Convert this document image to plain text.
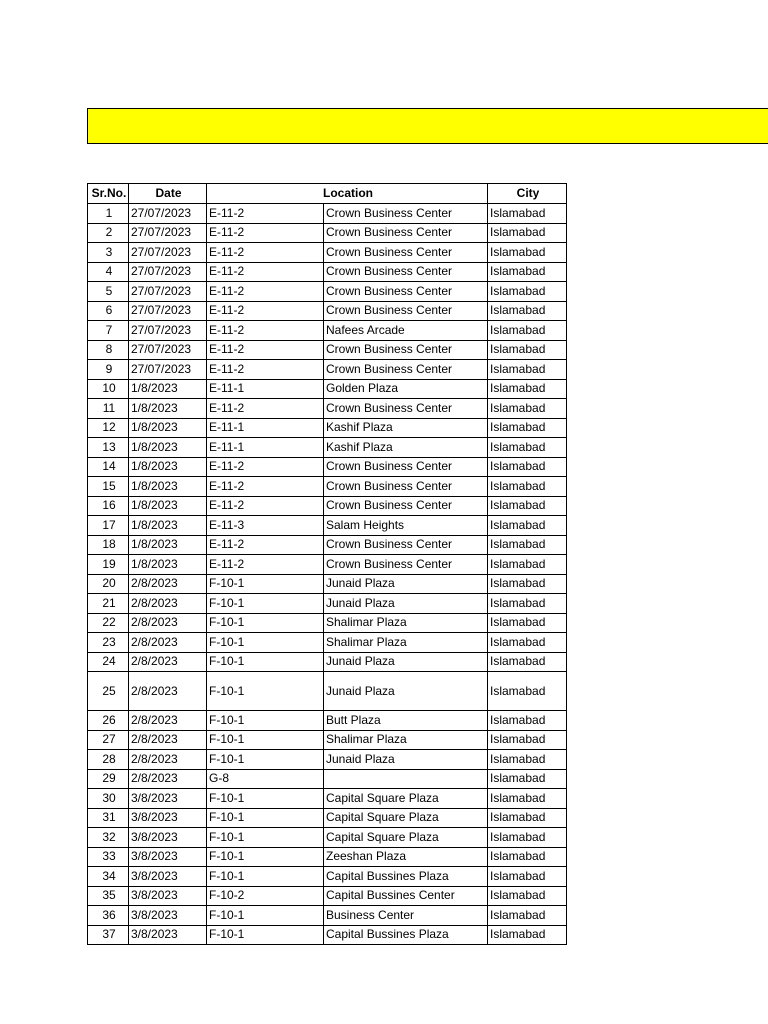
Sr.No.	Date	Location		City
1	27/07/2023	E-11-2	Crown Business Center	Islamabad
2	27/07/2023	E-11-2	Crown Business Center	Islamabad
3	27/07/2023	E-11-2	Crown Business Center	Islamabad
4	27/07/2023	E-11-2	Crown Business Center	Islamabad
5	27/07/2023	E-11-2	Crown Business Center	Islamabad
6	27/07/2023	E-11-2	Crown Business Center	Islamabad
7	27/07/2023	E-11-2	Nafees Arcade	Islamabad
8	27/07/2023	E-11-2	Crown Business Center	Islamabad
9	27/07/2023	E-11-2	Crown Business Center	Islamabad
10	1/8/2023	E-11-1	Golden Plaza	Islamabad
11	1/8/2023	E-11-2	Crown Business Center	Islamabad
12	1/8/2023	E-11-1	Kashif Plaza	Islamabad
13	1/8/2023	E-11-1	Kashif Plaza	Islamabad
14	1/8/2023	E-11-2	Crown Business Center	Islamabad
15	1/8/2023	E-11-2	Crown Business Center	Islamabad
16	1/8/2023	E-11-2	Crown Business Center	Islamabad
17	1/8/2023	E-11-3	Salam Heights	Islamabad
18	1/8/2023	E-11-2	Crown Business Center	Islamabad
19	1/8/2023	E-11-2	Crown Business Center	Islamabad
20	2/8/2023	F-10-1	Junaid Plaza	Islamabad
21	2/8/2023	F-10-1	Junaid Plaza	Islamabad
22	2/8/2023	F-10-1	Shalimar Plaza	Islamabad
23	2/8/2023	F-10-1	Shalimar Plaza	Islamabad
24	2/8/2023	F-10-1	Junaid Plaza	Islamabad
25	2/8/2023	F-10-1	Junaid Plaza	Islamabad
26	2/8/2023	F-10-1	Butt Plaza	Islamabad
27	2/8/2023	F-10-1	Shalimar Plaza	Islamabad
28	2/8/2023	F-10-1	Junaid Plaza	Islamabad
29	2/8/2023	G-8		Islamabad
30	3/8/2023	F-10-1	Capital Square Plaza	Islamabad
31	3/8/2023	F-10-1	Capital Square Plaza	Islamabad
32	3/8/2023	F-10-1	Capital Square Plaza	Islamabad
33	3/8/2023	F-10-1	Zeeshan Plaza	Islamabad
34	3/8/2023	F-10-1	Capital Bussines Plaza	Islamabad
35	3/8/2023	F-10-2	Capital Bussines Center	Islamabad
36	3/8/2023	F-10-1	Business Center	Islamabad
37	3/8/2023	F-10-1	Capital Bussines Plaza	Islamabad
